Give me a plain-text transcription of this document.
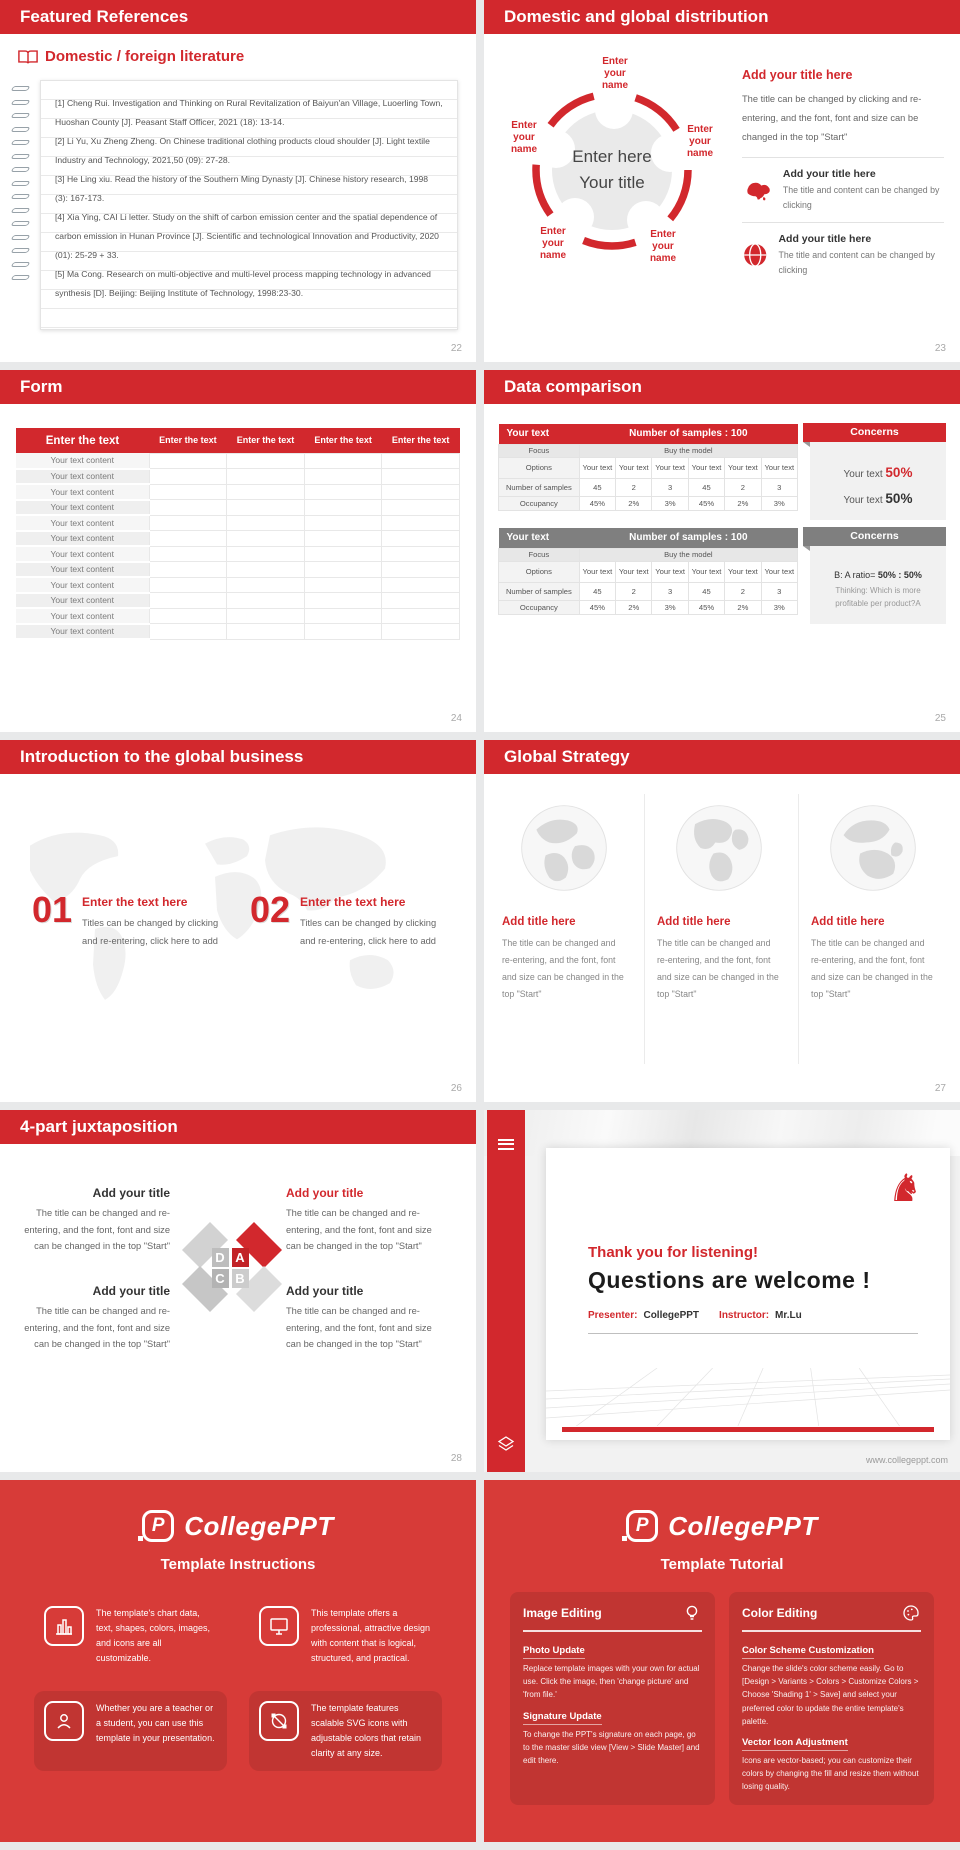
Featured References
Domestic / foreign literature

[1] Cheng Rui. Investigation and Thinking on Rural Revitalization of Baiyun'an Village, Luoerling Town, Huoshan County [J]. Peasant Staff Officer, 2021 (18): 13-14.

[2] Li Yu, Xu Zheng Zheng. On Chinese traditional clothing products cloud shoulder [J]. Light textile Industry and Technology, 2021,50 (09): 27-28.

[3] He Ling xiu. Read the history of the Southern Ming Dynasty [J]. Chinese history research, 1998 (3): 167-173.

[4] Xia Ying, CAI Li letter. Study on the shift of carbon emission center and the spatial dependence of carbon emission in Hunan Province [J]. Scientific and technological Innovation and Productivity, 2020 (01): 25-29 + 33.

[5] Ma Cong. Research on multi-objective and multi-level process mapping technology in advanced synthesis [D]. Beijing: Beijing Institute of Technology, 1998:23-30.

22
Domestic and global distribution
Enter your name
Enter your name
Enter your name
Enter your name
Enter your name
Enter here
Your title
Add your title here

The title can be changed by clicking and re-entering, and the font, font and size can be changed in the top "Start"

Add your title here

The title and content can be changed by clicking

Add your title here

The title and content can be changed by clicking

23
Form
Enter the text	Enter the text	Enter the text	Enter the text	Enter the text
Your text content				
Your text content				
Your text content				
Your text content				
Your text content				
Your text content				
Your text content				
Your text content				
Your text content				
Your text content				
Your text content				
Your text content				
24
Data comparison
Your text	Number of samples : 100					
Focus	Buy the model					
Options	Your text	Your text	Your text	Your text	Your text	Your text
Number of samples	45	2	3	45	2	3
Occupancy	45%	2%	3%	45%	2%	3%
Your text	Number of samples : 100					
Focus	Buy the model					
Options	Your text	Your text	Your text	Your text	Your text	Your text
Number of samples	45	2	3	45	2	3
Occupancy	45%	2%	3%	45%	2%	3%
Concerns
Your text 50%
Your text 50%
Concerns
B: A ratio= 50% : 50%
Thinking: Which is more profitable per product?A
25
Introduction to the global business
01 Enter the text here

Titles can be changed by clicking and re-entering, click here to add

02 Enter the text here

Titles can be changed by clicking and re-entering, click here to add

26
Global Strategy
Add title here

The title can be changed and re-entering, and the font, font and size can be changed in the top "Start"

Add title here

The title can be changed and re-entering, and the font, font and size can be changed in the top "Start"

Add title here

The title can be changed and re-entering, and the font, font and size can be changed in the top "Start"

27
4-part juxtaposition
Add your title

The title can be changed and re-entering, and the font, font and size can be changed in the top "Start"

Add your title

The title can be changed and re-entering, and the font, font and size can be changed in the top "Start"

Add your title

The title can be changed and re-entering, and the font, font and size can be changed in the top "Start"

Add your title

The title can be changed and re-entering, and the font, font and size can be changed in the top "Start"

D A
C B
28
♞
Thank you for listening!
Questions are welcome !
Presenter: CollegePPT Instructor: Mr.Lu
www.collegeppt.com
P CollegePPT
Template Instructions

The template's chart data, text, shapes, colors, images, and icons are all customizable.

This template offers a professional, attractive design with content that is logical, structured, and practical.

Whether you are a teacher or a student, you can use this template in your presentation.

The template features scalable SVG icons with adjustable colors that retain clarity at any size.

P CollegePPT
Template Tutorial
Image Editing
Photo Update

Replace template images with your own for actual use. Click the image, then 'change picture' and 'from file.'

Signature Update

To change the PPT's signature on each page, go to the master slide view [View > Slide Master] and edit there.

Color Editing
Color Scheme Customization

Change the slide's color scheme easily. Go to [Design > Variants > Colors > Customize Colors > Choose 'Shading 1' > Save] and select your preferred color to update the entire template's palette.

Vector Icon Adjustment

Icons are vector-based; you can customize their colors by changing the fill and resize them without losing quality.
